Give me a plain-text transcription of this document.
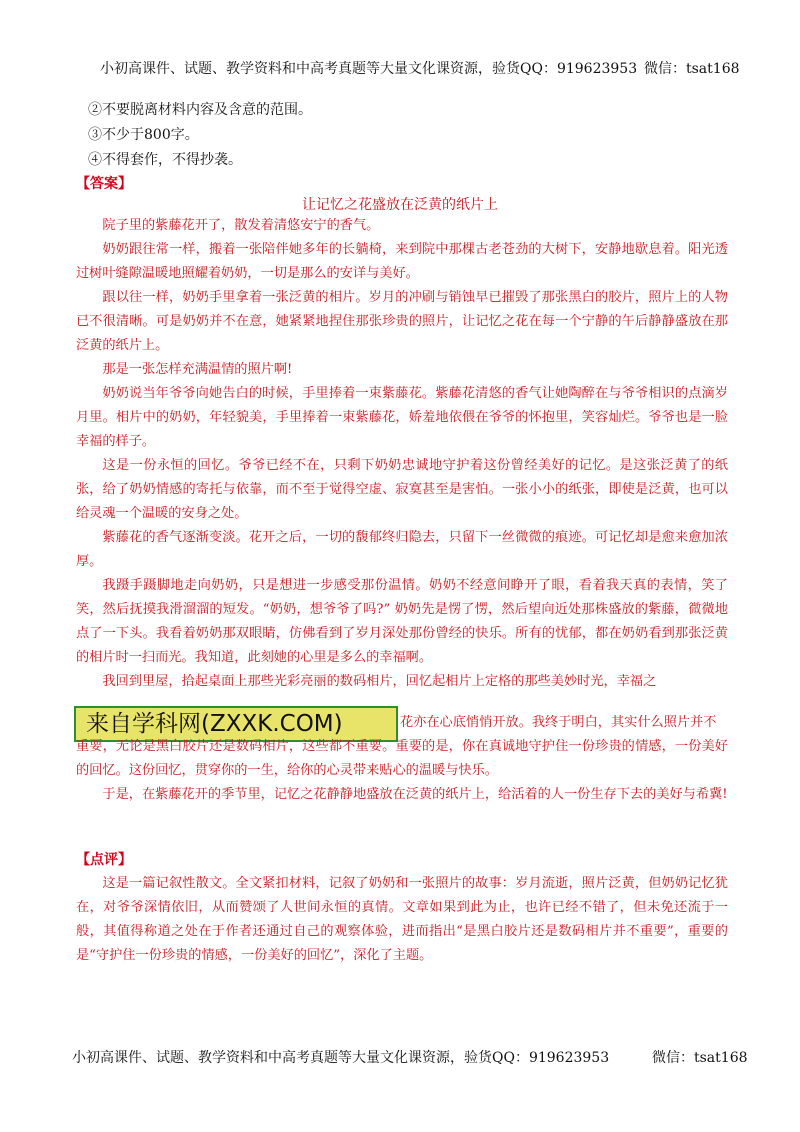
小初高课件、试题、教学资料和中高考真题等大量文化课资源，验货QQ：919623953 微信：tsat168
②不要脱离材料内容及含意的范围。
③不少于800字。
④不得套作，不得抄袭。
【答案】
让记忆之花盛放在泛黄的纸片上

院子里的紫藤花开了，散发着清悠安宁的香气。

奶奶跟往常一样，搬着一张陪伴她多年的长躺椅，来到院中那棵古老苍劲的大树下，安静地歇息着。阳光透过树叶缝隙温暖地照耀着奶奶，一切是那么的安详与美好。

跟以往一样，奶奶手里拿着一张泛黄的相片。岁月的冲刷与销蚀早已摧毁了那张黑白的胶片，照片上的人物已不很清晰。可是奶奶并不在意，她紧紧地捏住那张珍贵的照片，让记忆之花在每一个宁静的午后静静盛放在那泛黄的纸片上。

那是一张怎样充满温情的照片啊!

奶奶说当年爷爷向她告白的时候，手里捧着一束紫藤花。紫藤花清悠的香气让她陶醉在与爷爷相识的点滴岁月里。相片中的奶奶，年轻貌美，手里捧着一束紫藤花，娇羞地依偎在爷爷的怀抱里，笑容灿烂。爷爷也是一脸幸福的样子。

这是一份永恒的回忆。爷爷已经不在，只剩下奶奶忠诚地守护着这份曾经美好的记忆。是这张泛黄了的纸张，给了奶奶情感的寄托与依靠，而不至于觉得空虚、寂寞甚至是害怕。一张小小的纸张，即使是泛黄，也可以给灵魂一个温暖的安身之处。

紫藤花的香气逐渐变淡。花开之后，一切的馥郁终归隐去，只留下一丝微微的痕迹。可记忆却是愈来愈加浓厚。

我蹑手蹑脚地走向奶奶，只是想进一步感受那份温情。奶奶不经意间睁开了眼，看着我天真的表情，笑了笑，然后抚摸我滑溜溜的短发。“奶奶，想爷爷了吗?” 奶奶先是愣了愣，然后望向近处那株盛放的紫藤，微微地点了一下头。我看着奶奶那双眼睛，仿佛看到了岁月深处那份曾经的快乐。所有的忧郁，都在奶奶看到那张泛黄的相片时一扫而光。我知道，此刻她的心里是多么的幸福啊。

我回到里屋，拾起桌面上那些光彩亮丽的数码相片，回忆起相片上定格的那些美妙时光，幸福之

来自学科网(ZXXK.COM)	花亦在心底悄悄开放。我终于明白，其实什么照片并不

重要，无论是黑白胶片还是数码相片，这些都不重要。重要的是，你在真诚地守护住一份珍贵的情感，一份美好的回忆。这份回忆，贯穿你的一生，给你的心灵带来贴心的温暖与快乐。

于是，在紫藤花开的季节里，记忆之花静静地盛放在泛黄的纸片上，给活着的人一份生存下去的美好与希冀!

【点评】

这是一篇记叙性散文。全文紧扣材料，记叙了奶奶和一张照片的故事：岁月流逝，照片泛黄，但奶奶记忆犹在，对爷爷深情依旧，从而赞颂了人世间永恒的真情。文章如果到此为止，也许已经不错了，但未免还流于一般，其值得称道之处在于作者还通过自己的观察体验，进而指出“是黑白胶片还是数码相片并不重要”，重要的是“守护住一份珍贵的情感，一份美好的回忆”，深化了主题。

小初高课件、试题、教学资料和中高考真题等大量文化课资源，验货QQ：919623953	微信：tsat168
